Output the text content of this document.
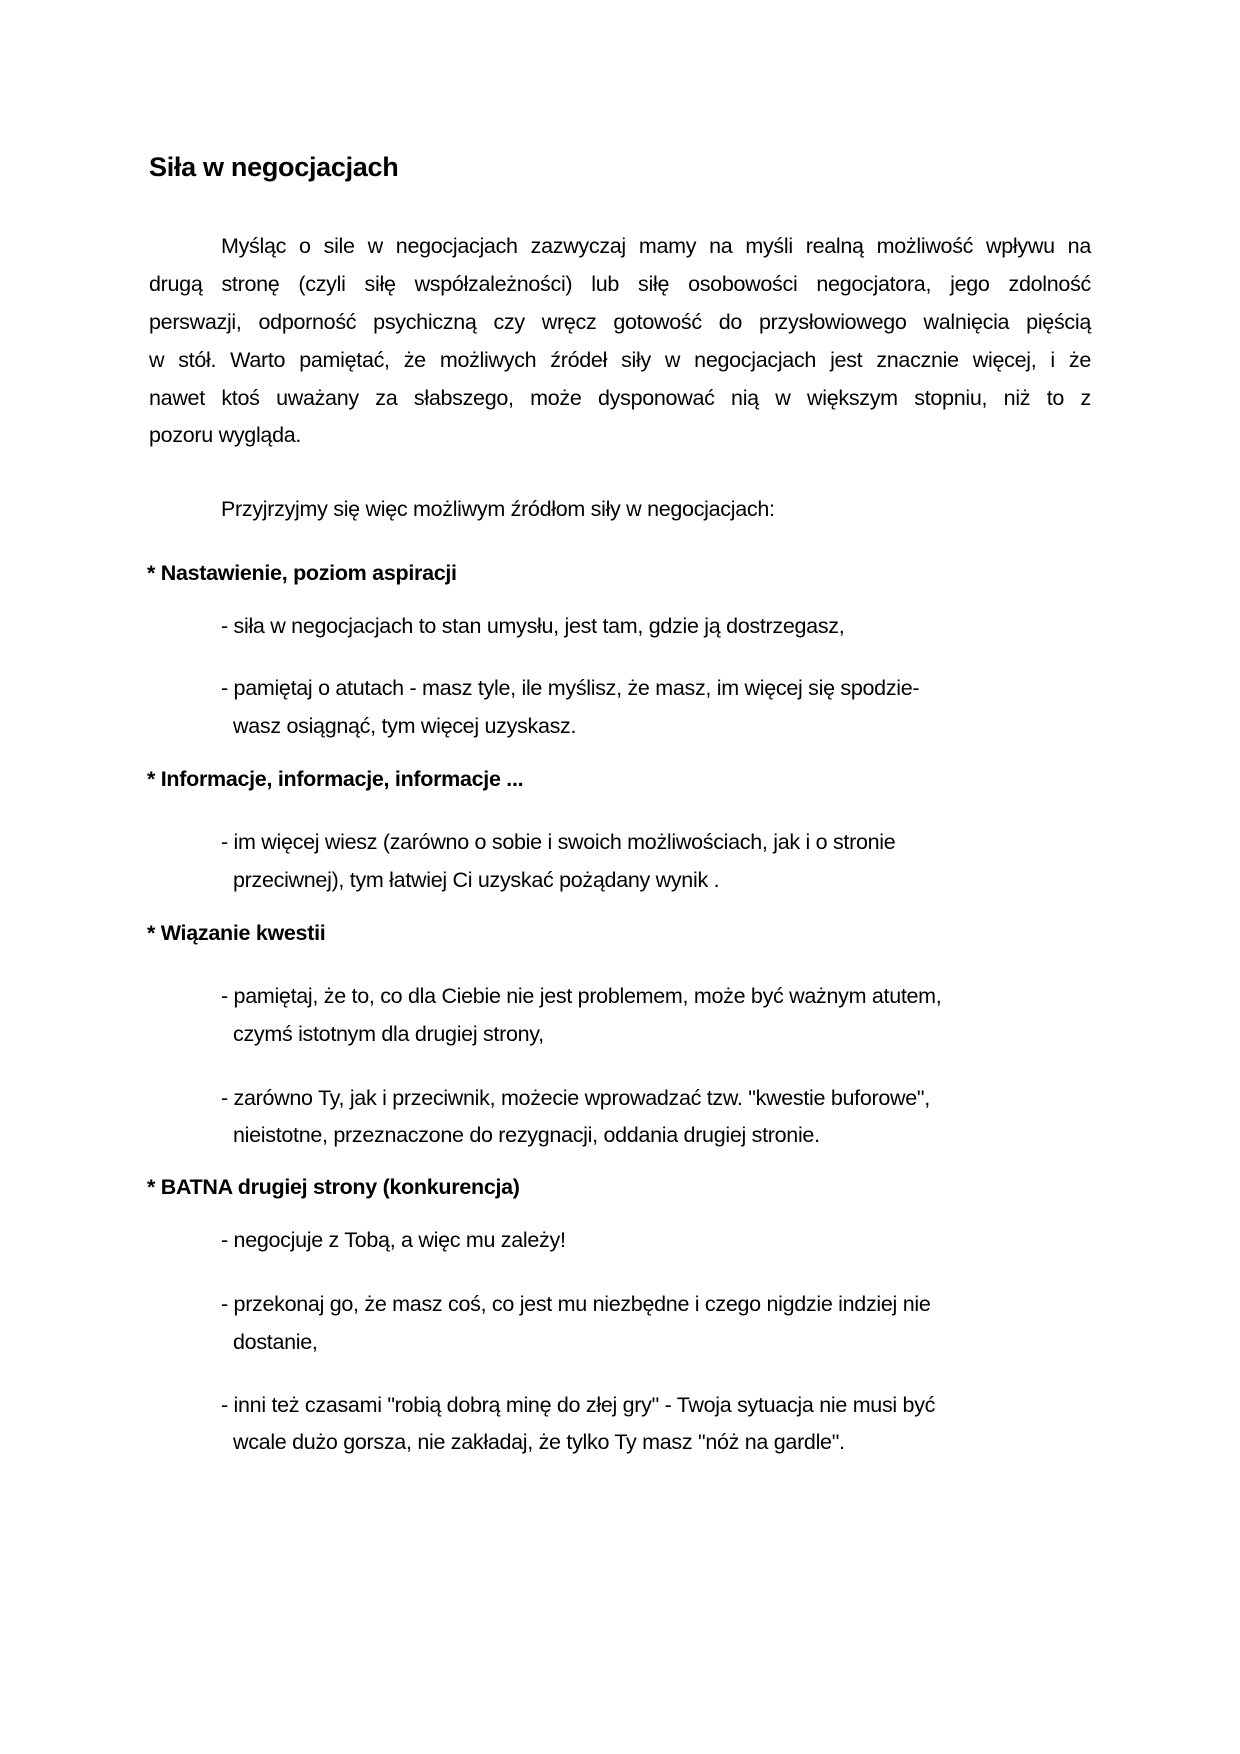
Siła w negocjacjach
Myśląc o sile w negocjacjach zazwyczaj mamy na myśli realną możliwość wpływu na
drugą stronę (czyli siłę współzależności) lub siłę osobowości negocjatora, jego zdolność
perswazji, odporność psychiczną czy wręcz gotowość do przysłowiowego walnięcia pięścią
w stół. Warto pamiętać, że możliwych źródeł siły w negocjacjach jest znacznie więcej, i że
nawet ktoś uważany za słabszego, może dysponować nią w większym stopniu, niż to z
pozoru wygląda.
Przyjrzyjmy się więc możliwym źródłom siły w negocjacjach:
* Nastawienie, poziom aspiracji
- siła w negocjacjach to stan umysłu, jest tam, gdzie ją dostrzegasz,
- pamiętaj o atutach - masz tyle, ile myślisz, że masz, im więcej się spodzie-
wasz osiągnąć, tym więcej uzyskasz.
* Informacje, informacje, informacje ...
- im więcej wiesz (zarówno o sobie i swoich możliwościach, jak i o stronie
przeciwnej), tym łatwiej Ci uzyskać pożądany wynik .
* Wiązanie kwestii
- pamiętaj, że to, co dla Ciebie nie jest problemem, może być ważnym atutem,
czymś istotnym dla drugiej strony,
- zarówno Ty, jak i przeciwnik, możecie wprowadzać tzw. "kwestie buforowe",
nieistotne, przeznaczone do rezygnacji, oddania drugiej stronie.
* BATNA drugiej strony (konkurencja)
- negocjuje z Tobą, a więc mu zależy!
- przekonaj go, że masz coś, co jest mu niezbędne i czego nigdzie indziej nie
dostanie,
- inni też czasami "robią dobrą minę do złej gry" - Twoja sytuacja nie musi być
wcale dużo gorsza, nie zakładaj, że tylko Ty masz "nóż na gardle".
